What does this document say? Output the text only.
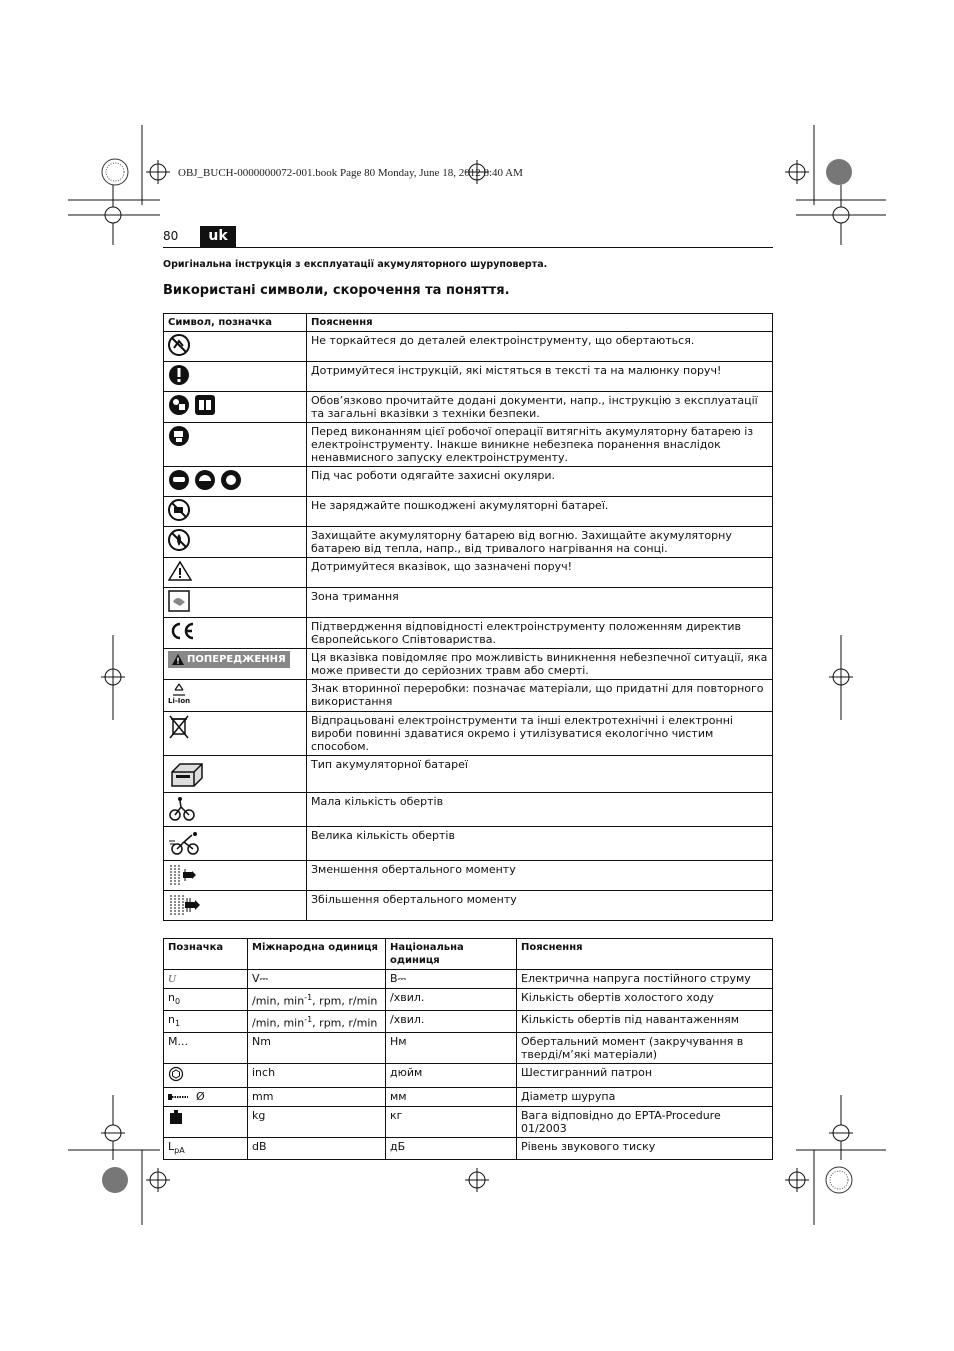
OBJ_BUCH-0000000072-001.book Page 80 Monday, June 18, 2012 8:40 AM
80	uk
Оригінальна інструкція з експлуатації акумуляторного шуруповерта.
Використані символи, скорочення та поняття.
Символ, позначка	Пояснення

	Не торкайтеся до деталей електроінструменту, що обертаються.

	Дотримуйтеся інструкцій, які містяться в тексті та на малюнку поруч!

	Обов’язково прочитайте додані документи, напр., інструкцію з експлуатації та загальні вказівки з техніки безпеки.

	Перед виконанням цієї робочої операції витягніть акумуляторну батарею із електроінструменту. Інакше виникне небезпека поранення внаслідок ненавмисного запуску електроінструменту.

	Під час роботи одягайте захисні окуляри.

	Не заряджайте пошкоджені акумуляторні батареї.

	Захищайте акумуляторну батарею від вогню. Захищайте акумуляторну батарею від тепла, напр., від тривалого нагрівання на сонці.

	Дотримуйтеся вказівок, що зазначені поруч!

	Зона тримання

	Підтвердження відповідності електроінструменту положенням директив Європейського Співтовариства.

ПОПЕРЕДЖЕННЯ	Ця вказівка повідомляє про можливість виникнення небезпечної ситуації, яка може привести до серйозних травм або смерті.

Li-Ion	Знак вторинної переробки: позначає матеріали, що придатні для повторного використання

	Відпрацьовані електроінструменти та інші електротехнічні і електронні вироби повинні здаватися окремо і утилізуватися екологічно чистим способом.

	Тип акумуляторної батареї

	Мала кількість обертів

	Велика кількість обертів

	Зменшення обертального моменту

	Збільшення обертального моменту
Позначка	Міжнародна одиниця	Національна одиниця	Пояснення
U	V⎓	В⎓	Електрична напруга постійного струму
$n_0$	/min, $\min^{-1}$, rpm, r/min	/хвил.	Кількість обертів холостого ходу
$n_1$	/min, $\min^{-1}$, rpm, r/min	/хвил.	Кількість обертів під навантаженням
M...	Nm	Нм	Обертальний момент (закручування в тверді/м’які матеріали)
	inch	дюйм	Шестигранний патрон

Ø	mm	мм	Діаметр шурупа
	kg	кг	Вага відповідно до EPTA-Procedure 01/2003
$L_{pA}$	dB	дБ	Рівень звукового тиску
